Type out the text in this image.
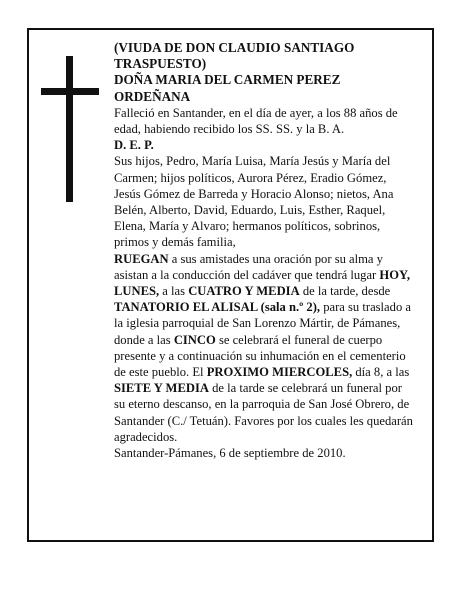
(VIUDA DE DON CLAUDIO SANTIAGO TRASPUESTO)

DOÑA MARIA DEL CARMEN PEREZ ORDEÑANA

Falleció en Santander, en el día de ayer, a los 88 años de edad, habiendo recibido los SS. SS. y la B. A.

D. E. P.

Sus hijos, Pedro, María Luisa, María Jesús y María del Carmen; hijos políticos, Aurora Pérez, Eradio Gómez, Jesús Gómez de Barreda y Horacio Alonso; nietos, Ana Belén, Alberto, David, Eduardo, Luis, Esther, Raquel, Elena, María y Alvaro; hermanos políticos, sobrinos, primos y demás familia,

RUEGAN a sus amistades una oración por su alma y asistan a la conducción del cadáver que tendrá lugar HOY, LUNES, a las CUATRO Y MEDIA de la tarde, desde TANATORIO EL ALISAL (sala n.º 2), para su traslado a la iglesia parroquial de San Lorenzo Mártir, de Pámanes, donde a las CINCO se celebrará el funeral de cuerpo presente y a continuación su inhumación en el cementerio de este pueblo. El PROXIMO MIERCOLES, día 8, a las SIETE Y MEDIA de la tarde se celebrará un funeral por su eterno descanso, en la parroquia de San José Obrero, de Santander (C./ Tetuán). Favores por los cuales les quedarán agradecidos.

Santander-Pámanes, 6 de septiembre de 2010.
